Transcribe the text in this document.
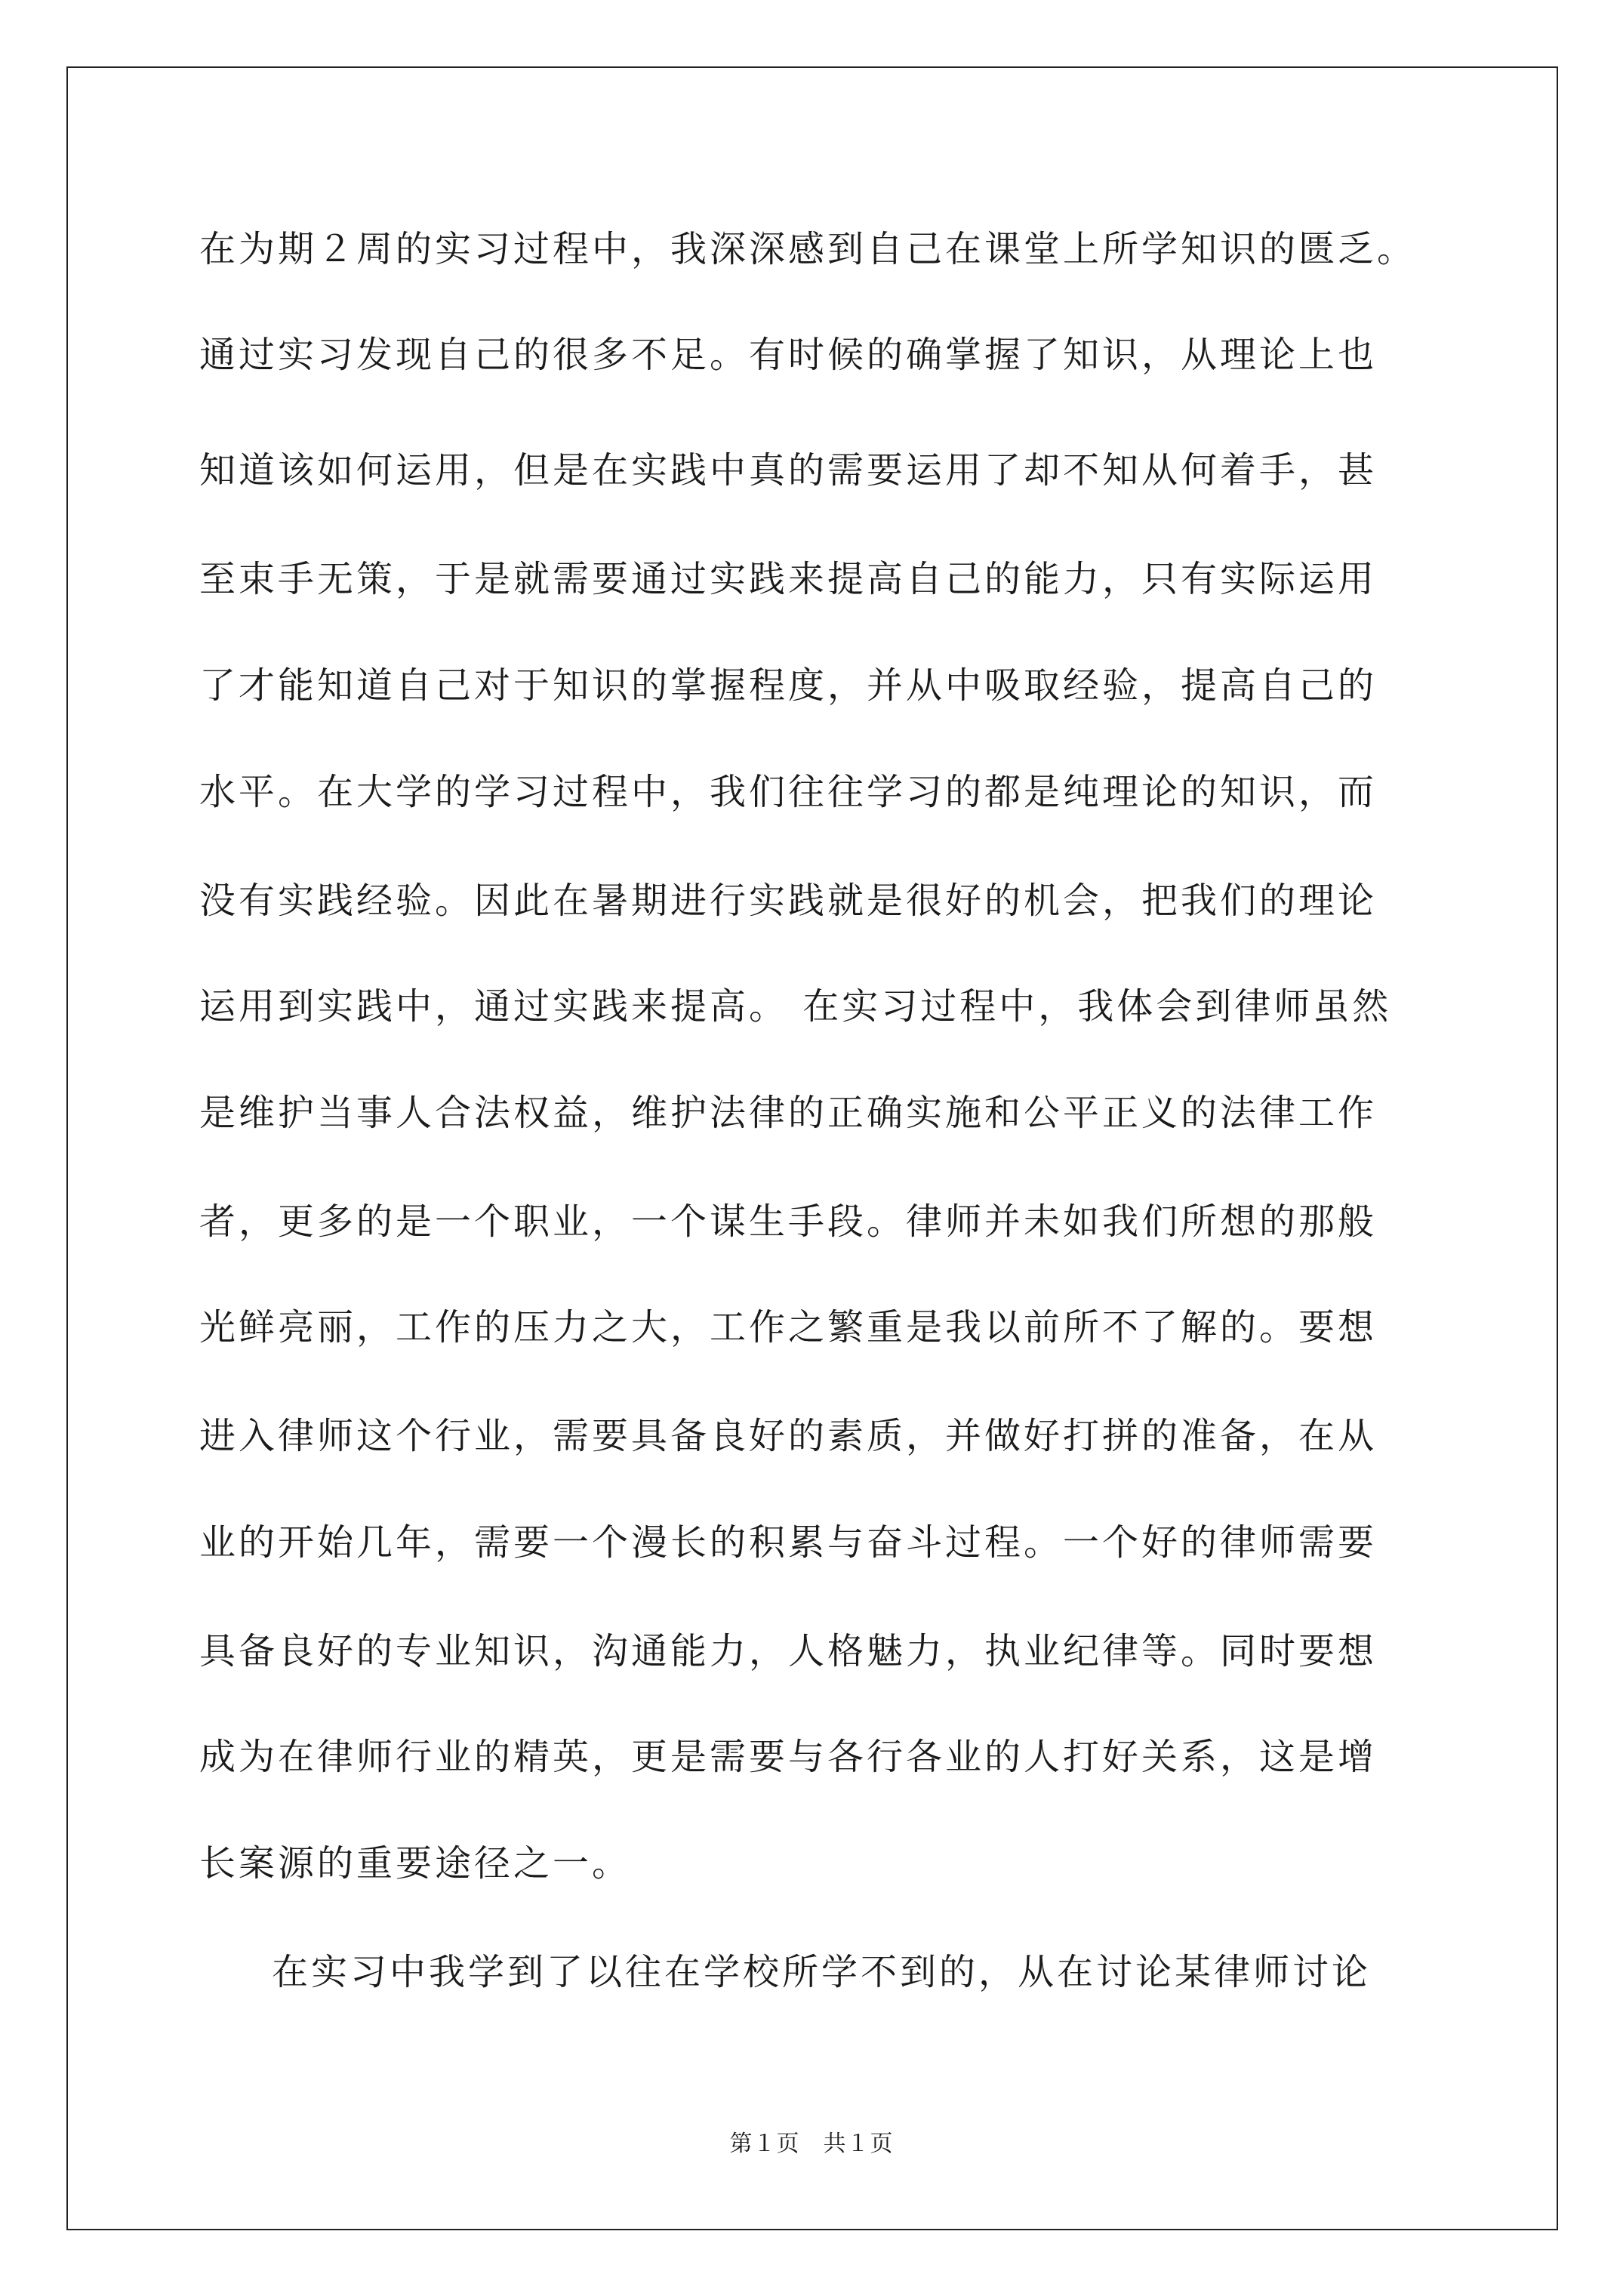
在为期２周的实习过程中，我深深感到自己在课堂上所学知识的匮乏。

通过实习发现自己的很多不足。有时候的确掌握了知识，从理论上也

知道该如何运用，但是在实践中真的需要运用了却不知从何着手，甚

至束手无策，于是就需要通过实践来提高自己的能力，只有实际运用

了才能知道自己对于知识的掌握程度，并从中吸取经验，提高自己的

水平。在大学的学习过程中，我们往往学习的都是纯理论的知识，而

没有实践经验。因此在暑期进行实践就是很好的机会，把我们的理论

运用到实践中，通过实践来提高。 在实习过程中，我体会到律师虽然

是维护当事人合法权益，维护法律的正确实施和公平正义的法律工作

者，更多的是一个职业，一个谋生手段。律师并未如我们所想的那般

光鲜亮丽，工作的压力之大，工作之繁重是我以前所不了解的。要想

进入律师这个行业，需要具备良好的素质，并做好打拼的准备，在从

业的开始几年，需要一个漫长的积累与奋斗过程。一个好的律师需要

具备良好的专业知识，沟通能力，人格魅力，执业纪律等。同时要想

成为在律师行业的精英，更是需要与各行各业的人打好关系，这是增

长案源的重要途径之一。

在实习中我学到了以往在学校所学不到的，从在讨论某律师讨论

第１页　共１页
